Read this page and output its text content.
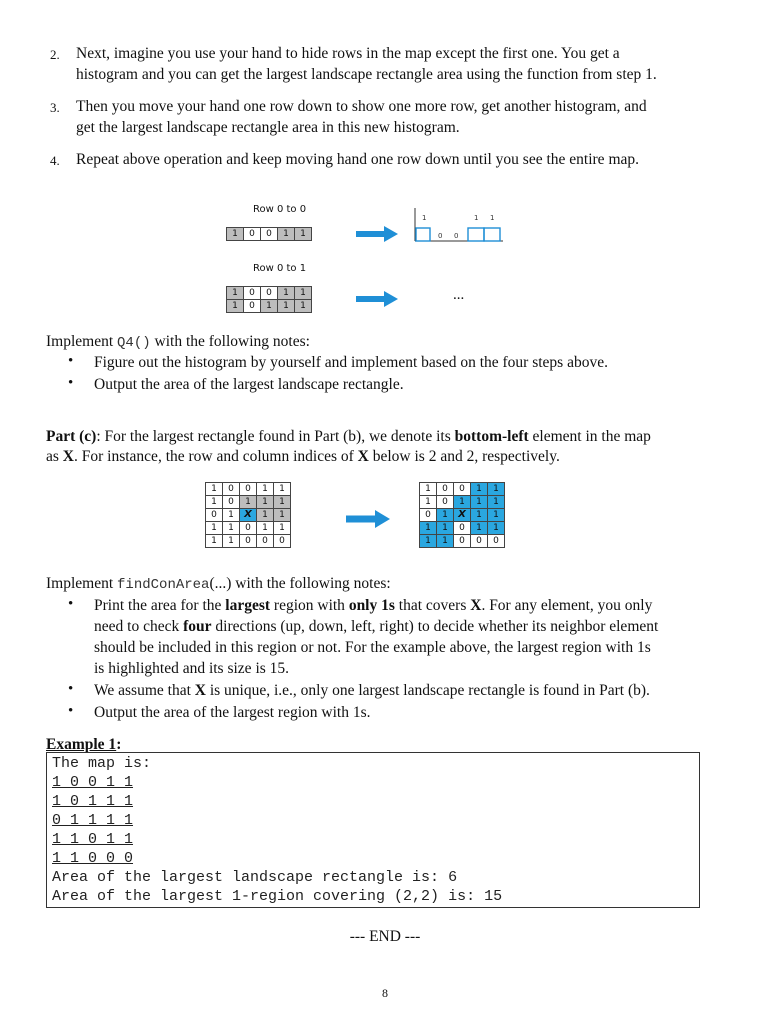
2. Next, imagine you use your hand to hide rows in the map except the first one. You get a
histogram and you can get the largest landscape rectangle area using the function from step 1.
3. Then you move your hand one row down to show one more row, get another histogram, and
get the largest landscape rectangle area in this new histogram.
4. Repeat above operation and keep moving hand one row down until you see the entire map.
Row 0 to 0
1	0	0	1	1
1
0 0
1 1
Row 0 to 1
1	0	0	1	1
1	0	1	1	1
...
Implement Q4() with the following notes:
• Figure out the histogram by yourself and implement based on the four steps above.
• Output the area of the largest landscape rectangle.
Part (c): For the largest rectangle found in Part (b), we denote its bottom-left element in the map
as X. For instance, the row and column indices of X below is 2 and 2, respectively.
1	0	0	1	1
1	0	1	1	1
0	1	X	1	1
1	1	0	1	1
1	1	0	0	0
1	0	0	1	1
1	0	1	1	1
0	1	X	1	1
1	1	0	1	1
1	1	0	0	0
Implement findConArea(...) with the following notes:
• Print the area for the largest region with only 1s that covers X. For any element, you only
need to check four directions (up, down, left, right) to decide whether its neighbor element
should be included in this region or not. For the example above, the largest region with 1s
is highlighted and its size is 15.
• We assume that X is unique, i.e., only one largest landscape rectangle is found in Part (b).
• Output the area of the largest region with 1s.
Example 1:
The map is:
1 0 0 1 1
1 0 1 1 1
0 1 1 1 1
1 1 0 1 1
1 1 0 0 0
Area of the largest landscape rectangle is: 6
Area of the largest 1-region covering (2,2) is: 15
--- END ---
8
